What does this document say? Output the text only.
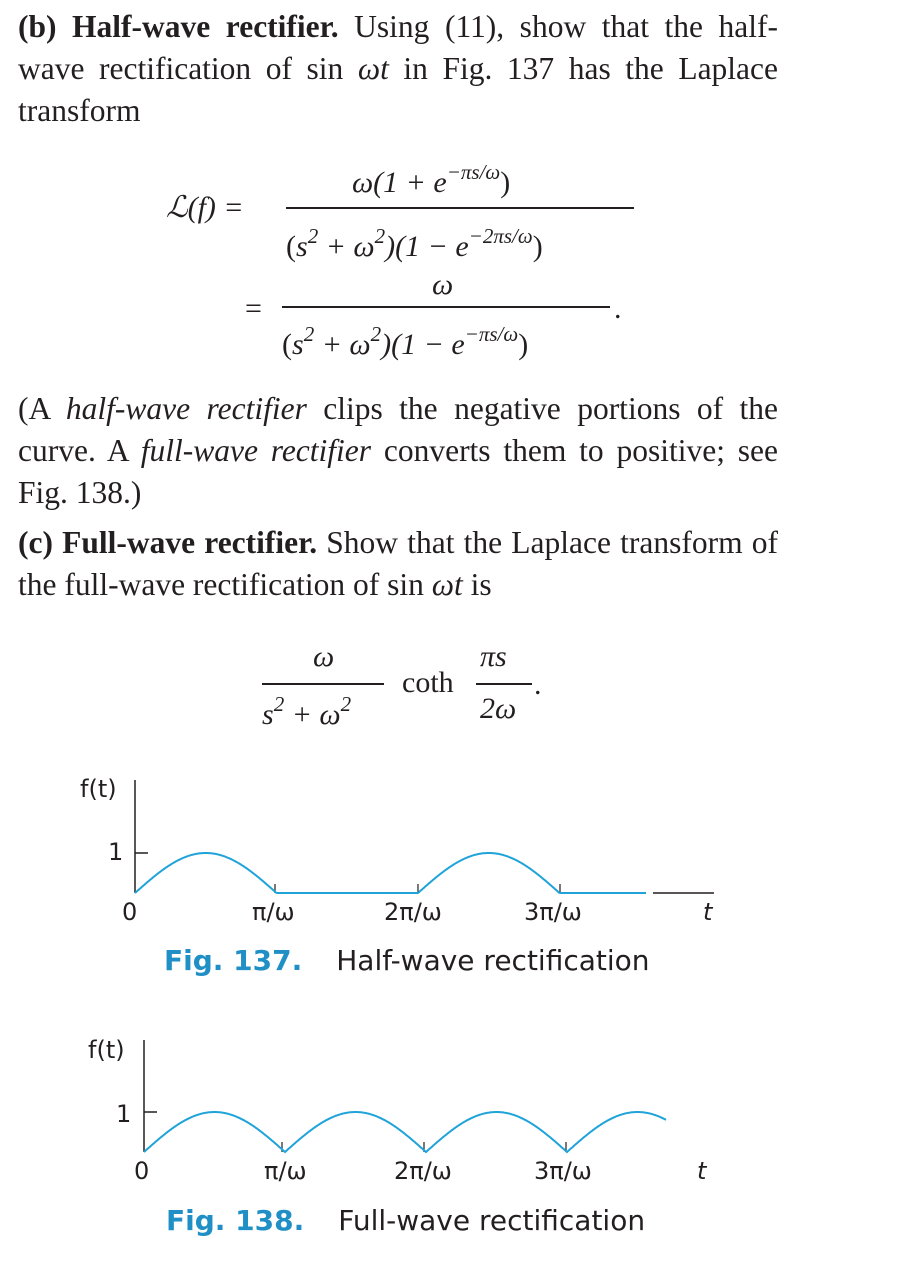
(b) Half-wave rectifier. Using (11), show that the half-wave rectification of sin ωt in Fig. 137 has the Laplace transform
ℒ(f) =
$\omega(1 + e^{-\pi s/\omega})$
$(s^2 + \omega^2)(1 - e^{-2\pi s/\omega})$
=
ω
$(s^2 + \omega^2)(1 - e^{-\pi s/\omega})$
.
(A half-wave rectifier clips the negative portions of the curve. A full-wave rectifier converts them to positive; see Fig. 138.)
(c) Full-wave rectifier. Show that the Laplace transform of the full-wave rectification of sin ωt is
ω
$s^2 + \omega^2$
coth
πs
2ω
.
f(t)
1
0	π/ω	2π/ω	3π/ω	t
Fig. 137. Half-wave rectification
f(t)
1
0	π/ω	2π/ω	3π/ω	t
Fig. 138. Full-wave rectification
